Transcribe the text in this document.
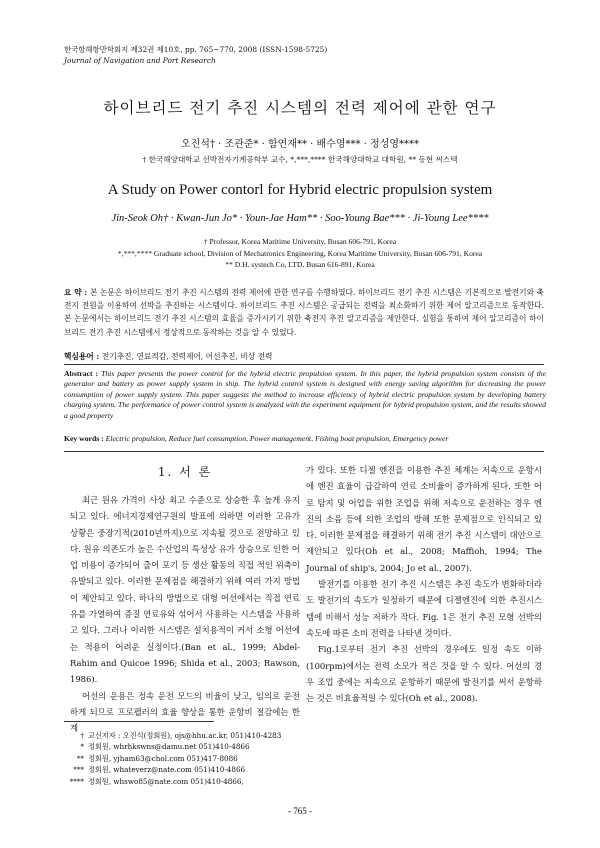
한국항해항만학회지 제32권 제10호, pp. 765~770, 2008 (ISSN-1598-5725)
Journal of Navigation and Port Research
하이브리드 전기 추진 시스템의 전력 제어에 관한 연구
오진석† · 조관준* · 함연재** · 배수영*** · 정성영****
† 한국해양대학교 선박전자기계공학부 교수, *,***,**** 한국해양대학교 대학원, ** 동현 씨스텍
A Study on Power contorl for Hybrid electric propulsion system
Jin-Seok Oh† · Kwan-Jun Jo* · Youn-Jae Ham** · Soo-Young Bae*** · Ji-Young Lee****
† Professor, Korea Maritime University, Busan 606-791, Korea
*,***,**** Graduate school, Division of Mechatronics Engineering, Korea Maritime University, Busan 606-791, Korea
** D.H. systech Co, LTD, Busan 616-891, Korea
요 약 : 본 논문은 하이브리드 전기 추진 시스템의 전력 제어에 관한 연구를 수행하였다. 하이브리드 전기 추진 시스템은 기본적으로 발전기와 축전지 전원을 이용하여 선박을 추진하는 시스템이다. 하이브리드 추진 시스템은 공급되는 전력을 최소화하기 위한 제어 알고리즘으로 동작한다. 본 논문에서는 하이브리드 전기 추진 시스템의 효율을 증가시키기 위한 축전지 추진 알고리즘을 제안한다. 실험을 통하여 제어 알고리즘이 하이브리드 전기 추진 시스템에서 정상적으로 동작하는 것을 알 수 있었다.
핵심용어 : 전기추진, 연료적감, 전력제어, 어선추진, 비상 전력
Abstract : This paper presents the power control for the hybrid electric propulsion system. In this paper, the hybrid propulsion system consists of the generator and battery as power supply system in ship. The hybrid control system is designed with energy saving algorithm for decreasing the power consumption of power supply system. This paper suggests the method to increase efficiency of hybrid electric propulsion system by developing battery charging system. The performance of power control system is analyzed with the experiment equipment for hybrid propulsion system, and the results showed a good property
Key words : Electric propulsion, Reduce fuel consumption, Power management, Fishing boat propulsion, Emergency power
1. 서 론

최근 원유 가격이 사상 최고 수준으로 상승한 후 높게 유지되고 있다. 에너지경제연구원의 발표에 의하면 이러한 고유가 상황은 중장기적(2010년까지)으로 지속될 것으로 전망하고 있다. 원유 의존도가 높은 수산업의 특성상 유가 상승으로 인한 어업 비용이 증가되어 출어 포기 등 생산 활동의 직접 적인 위축이 유발되고 있다. 이러한 문제점을 해결하기 위해 여러 가지 방법이 제안되고 있다. 하나의 방법으로 대형 어선에서는 직접 연료유를 가열하여 증질 연료유와 섞어서 사용하는 시스템을 사용하고 있다. 그러나 이러한 시스템은 설치용적이 커서 소형 어선에는 적용이 어려운 실정이다.(Ban et al., 1999; Abdel-Rahim and Quicoe 1996; Shida et al., 2003; Rawson, 1986).

어선의 운용은 정속 운전 모드의 비율이 낮고, 임의로 운전하게 되므로 프로펠러의 효율 향상을 통한 운항비 절감에는 한계

가 있다. 또한 디젤 엔진을 이용한 추진 체계는 저속으로 운항시에 엔진 효율이 급감하여 연료 소비율이 증가하게 된다. 또한 어로 탐지 및 어업을 위한 조업을 위해 저속으로 운전하는 경우 엔진의 소음 등에 의한 조업의 방해 또한 문제점으로 인식되고 있다. 이러한 문제점을 해결하기 위해 전기 추진 시스템이 대안으로 제안되고 있다(Oh et al., 2008; Maffioh, 1994; The Journal of ship's, 2004; Jo et al., 2007).

발전기를 이용한 전기 추진 시스템은 추진 속도가 변화하더라도 발전기의 속도가 일정하기 때문에 디젤엔진에 의한 추진시스템에 비해서 성능 저하가 작다. Fig. 1은 전기 추진 모형 선박의 속도에 따른 소비 전력을 나타낸 것이다.

Fig.1로부터 전기 추진 선박의 경우에도 일정 속도 이하(100rpm)에서는 전력 소모가 적은 것을 알 수 있다. 어선의 경우 조업 중에는 저속으로 운항하기 때문에 발전기를 써서 운항하는 것은 비효율적일 수 있다(Oh et al., 2008).

† 교신저자 : 오진석(정회원), ojs@hhu.ac.kr, 051)410-4283
* 정회원, whrhkswns@damu.net 051)410-4866
** 정회원, yjham63@chol.com 051)417-8086
*** 정회원, whateverz@nate.com 051)410-4866
**** 정회원, whswo85@nate.com 051)410-4866,
- 765 -
